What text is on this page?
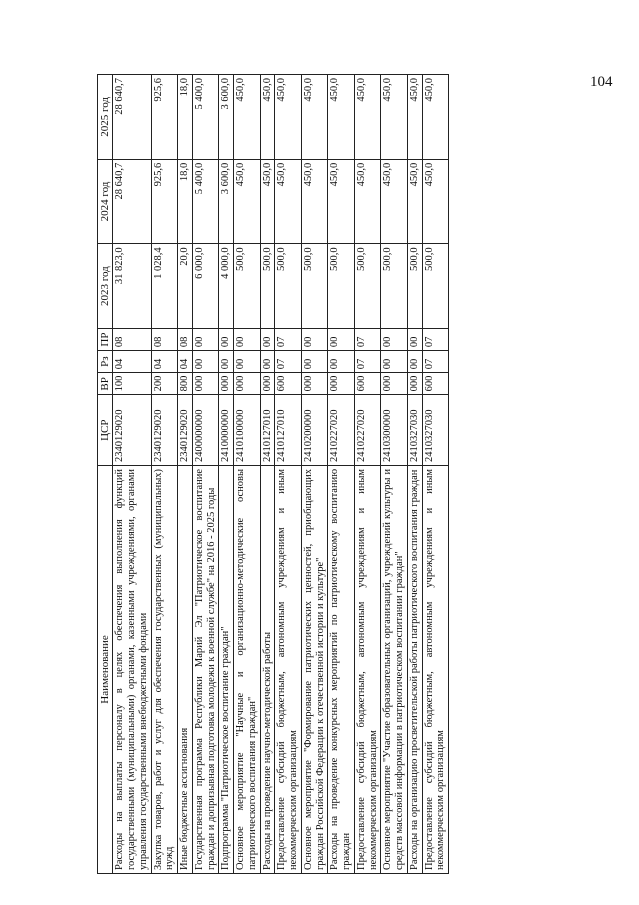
104
Наименование	ЦСР	ВР	Рз	ПР	2023 год	2024 год	2025 год
Расходы на выплаты персоналу в целях обеспечения выполнения функций государственными (муниципальными) органами, казенными учреждениями, органами управления государственными внебюджетными фондами	2340129020	100	04	08	31 823,0	28 640,7	28 640,7
Закупка товаров, работ и услуг для обеспечения государственных (муниципальных) нужд	2340129020	200	04	08	1 028,4	925,6	925,6
Иные бюджетные ассигнования	2340129020	800	04	08	20,0	18,0	18,0
Государственная программа Республики Марий Эл "Патриотическое воспитание граждан и допризывная подготовка молодежи к военной службе" на 2016 - 2025 годы	2400000000	000	00	00	6 000,0	5 400,0	5 400,0
Подпрограмма "Патриотическое воспитание граждан"	2410000000	000	00	00	4 000,0	3 600,0	3 600,0
Основное мероприятие "Научные и организационно-методические основы патриотического воспитания граждан"	2410100000	000	00	00	500,0	450,0	450,0
Расходы на проведение научно-методической работы	2410127010	000	00	00	500,0	450,0	450,0
Предоставление субсидий бюджетным, автономным учреждениям и иным некоммерческим организациям	2410127010	600	07	07	500,0	450,0	450,0
Основное мероприятие "Формирование патриотических ценностей, приобщающих граждан Российской Федерации к отечественной истории и культуре"	2410200000	000	00	00	500,0	450,0	450,0
Расходы на проведение конкурсных мероприятий по патриотическому воспитанию граждан	2410227020	000	00	00	500,0	450,0	450,0
Предоставление субсидий бюджетным, автономным учреждениям и иным некоммерческим организациям	2410227020	600	07	07	500,0	450,0	450,0
Основное мероприятие "Участие образовательных организаций, учреждений культуры и средств массовой информации в патриотическом воспитании граждан"	2410300000	000	00	00	500,0	450,0	450,0
Расходы на организацию просветительской работы патриотического воспитания граждан	2410327030	000	00	00	500,0	450,0	450,0
Предоставление субсидий бюджетным, автономным учреждениям и иным некоммерческим организациям	2410327030	600	07	07	500,0	450,0	450,0
